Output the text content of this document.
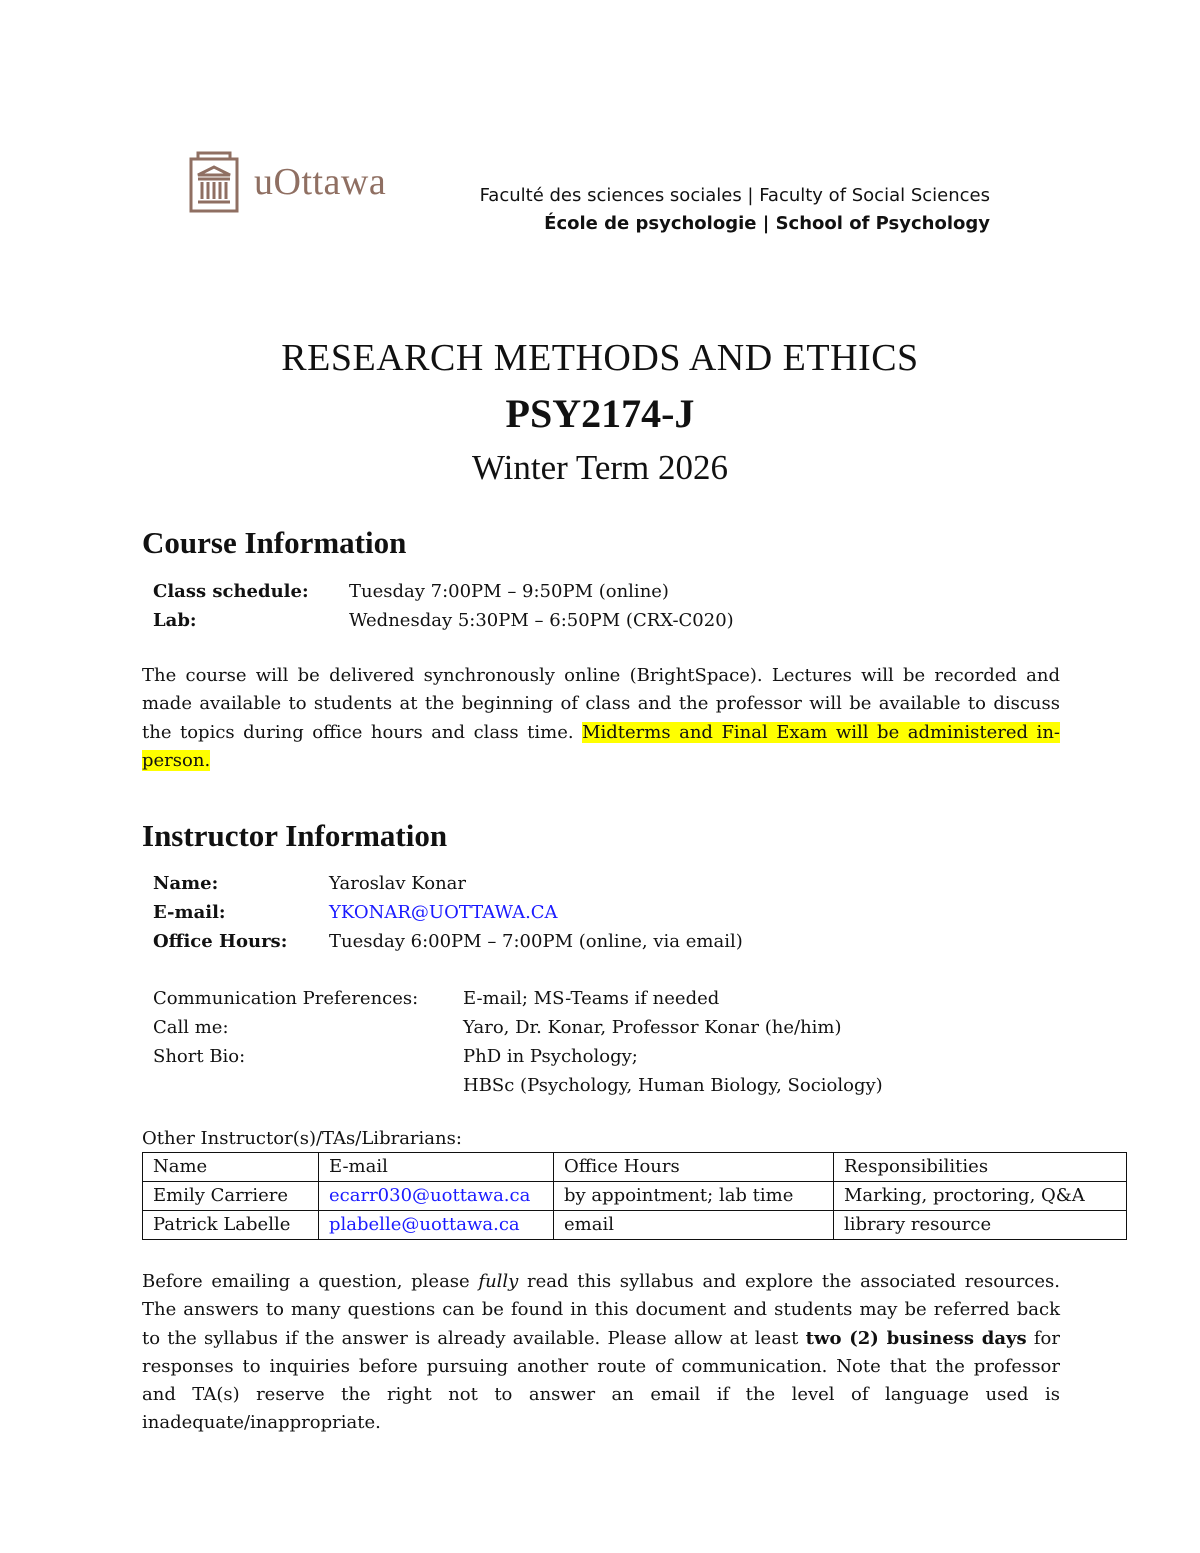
uOttawa	Faculté des sciences sociales | Faculty of Social Sciences
École de psychologie | School of Psychology
RESEARCH METHODS AND ETHICS
PSY2174-J
Winter Term 2026
Course Information
Class schedule:	Tuesday 7:00PM – 9:50PM (online)
Lab:	Wednesday 5:30PM – 6:50PM (CRX-C020)
The course will be delivered synchronously online (BrightSpace). Lectures will be recorded and made available to students at the beginning of class and the professor will be available to discuss the topics during office hours and class time. Midterms and Final Exam will be administered in-person.
Instructor Information
Name:	Yaroslav Konar
E-mail:	YKONAR@UOTTAWA.CA
Office Hours:	Tuesday 6:00PM – 7:00PM (online, via email)
Communication Preferences:	E-mail; MS-Teams if needed
Call me:	Yaro, Dr. Konar, Professor Konar (he/him)
Short Bio:	PhD in Psychology;
HBSc (Psychology, Human Biology, Sociology)
Other Instructor(s)/TAs/Librarians:
Name	E-mail	Office Hours	Responsibilities
Emily Carriere	ecarr030@uottawa.ca	by appointment; lab time	Marking, proctoring, Q&A
Patrick Labelle	plabelle@uottawa.ca	email	library resource
Before emailing a question, please fully read this syllabus and explore the associated resources. The answers to many questions can be found in this document and students may be referred back to the syllabus if the answer is already available. Please allow at least two (2) business days for responses to inquiries before pursuing another route of communication. Note that the professor and TA(s) reserve the right not to answer an email if the level of language used is inadequate/inappropriate.
